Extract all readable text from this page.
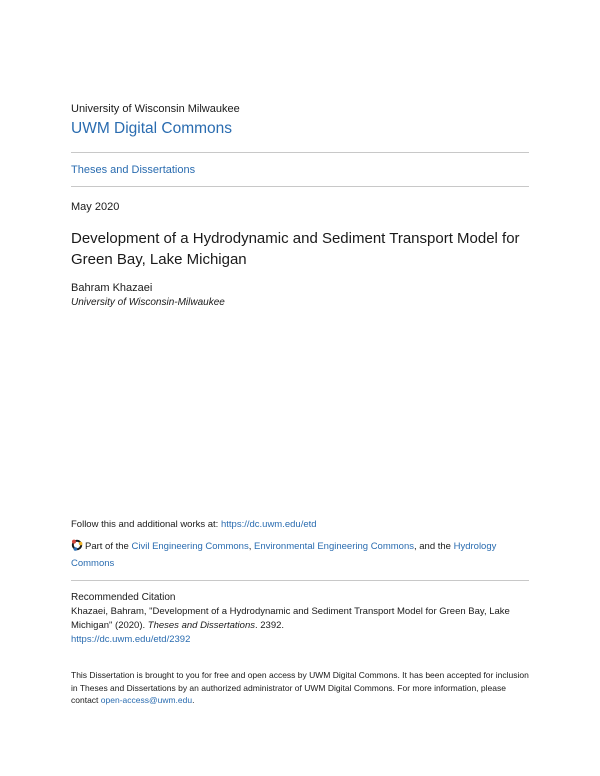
University of Wisconsin Milwaukee
UWM Digital Commons
Theses and Dissertations
May 2020
Development of a Hydrodynamic and Sediment Transport Model for Green Bay, Lake Michigan
Bahram Khazaei
University of Wisconsin-Milwaukee
Follow this and additional works at: https://dc.uwm.edu/etd
Part of the Civil Engineering Commons, Environmental Engineering Commons, and the Hydrology Commons
Recommended Citation
Khazaei, Bahram, "Development of a Hydrodynamic and Sediment Transport Model for Green Bay, Lake Michigan" (2020). Theses and Dissertations. 2392.
https://dc.uwm.edu/etd/2392
This Dissertation is brought to you for free and open access by UWM Digital Commons. It has been accepted for inclusion in Theses and Dissertations by an authorized administrator of UWM Digital Commons. For more information, please contact open-access@uwm.edu.
